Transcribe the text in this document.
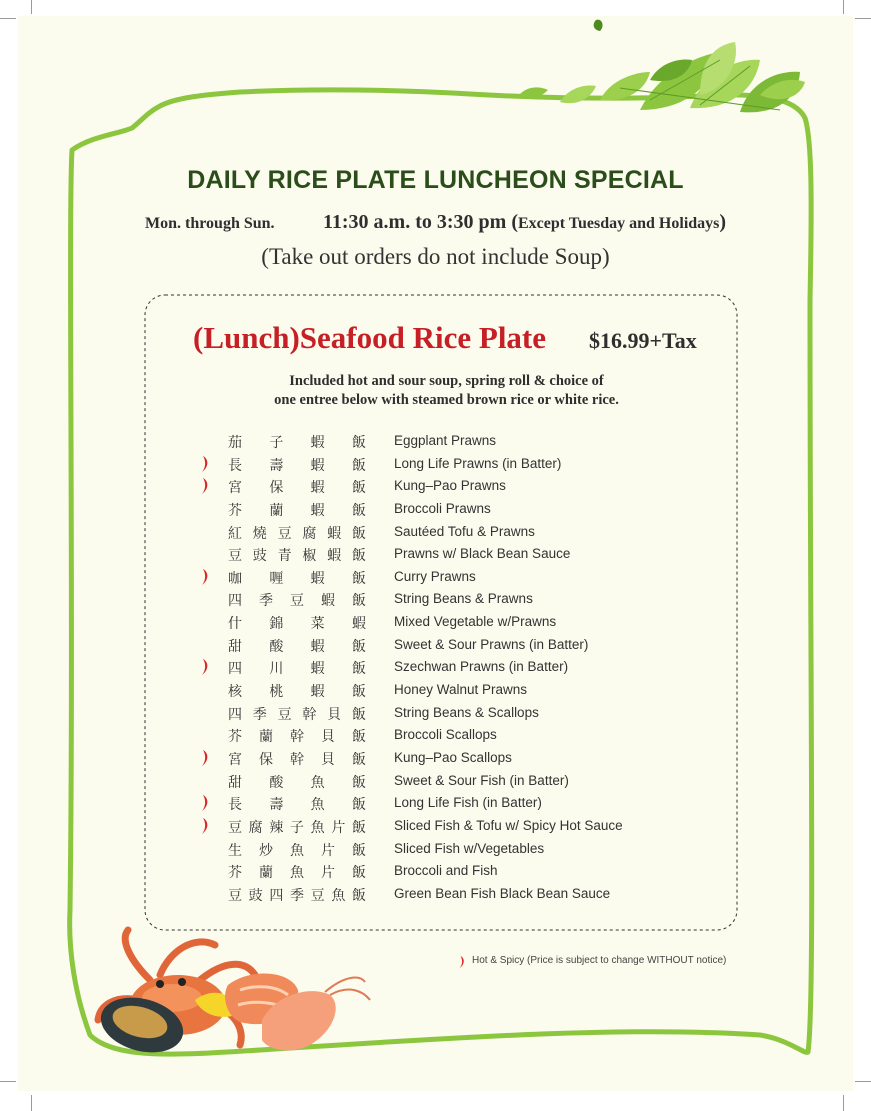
DAILY RICE PLATE LUNCHEON SPECIAL
Mon. through Sun. 11:30 a.m. to 3:30 pm (Except Tuesday and Holidays)
(Take out orders do not include Soup)
(Lunch)Seafood Rice Plate $16.99+Tax
Included hot and sour soup, spring roll & choice of
one entree below with steamed brown rice or white rice.
茄 子 蝦 飯 Eggplant Prawns
長 壽 蝦 飯 Long Life Prawns (in Batter)
宮 保 蝦 飯 Kung–Pao Prawns
芥 蘭 蝦 飯 Broccoli Prawns
紅 燒 豆 腐 蝦 飯 Sautéed Tofu & Prawns
豆 豉 青 椒 蝦 飯 Prawns w/ Black Bean Sauce
咖 喱 蝦 飯 Curry Prawns
四 季 豆 蝦 飯 String Beans & Prawns
什 錦 菜 蝦 Mixed Vegetable w/Prawns
甜 酸 蝦 飯 Sweet & Sour Prawns (in Batter)
四 川 蝦 飯 Szechwan Prawns (in Batter)
核 桃 蝦 飯 Honey Walnut Prawns
四 季 豆 幹 貝 飯 String Beans & Scallops
芥 蘭 幹 貝 飯 Broccoli Scallops
宮 保 幹 貝 飯 Kung–Pao Scallops
甜 酸 魚 飯 Sweet & Sour Fish (in Batter)
長 壽 魚 飯 Long Life Fish (in Batter)
豆 腐 辣 子 魚 片 飯 Sliced Fish & Tofu w/ Spicy Hot Sauce
生 炒 魚 片 飯 Sliced Fish w/Vegetables
芥 蘭 魚 片 飯 Broccoli and Fish
豆 豉 四 季 豆 魚 飯 Green Bean Fish Black Bean Sauce
Hot & Spicy (Price is subject to change WITHOUT notice)
